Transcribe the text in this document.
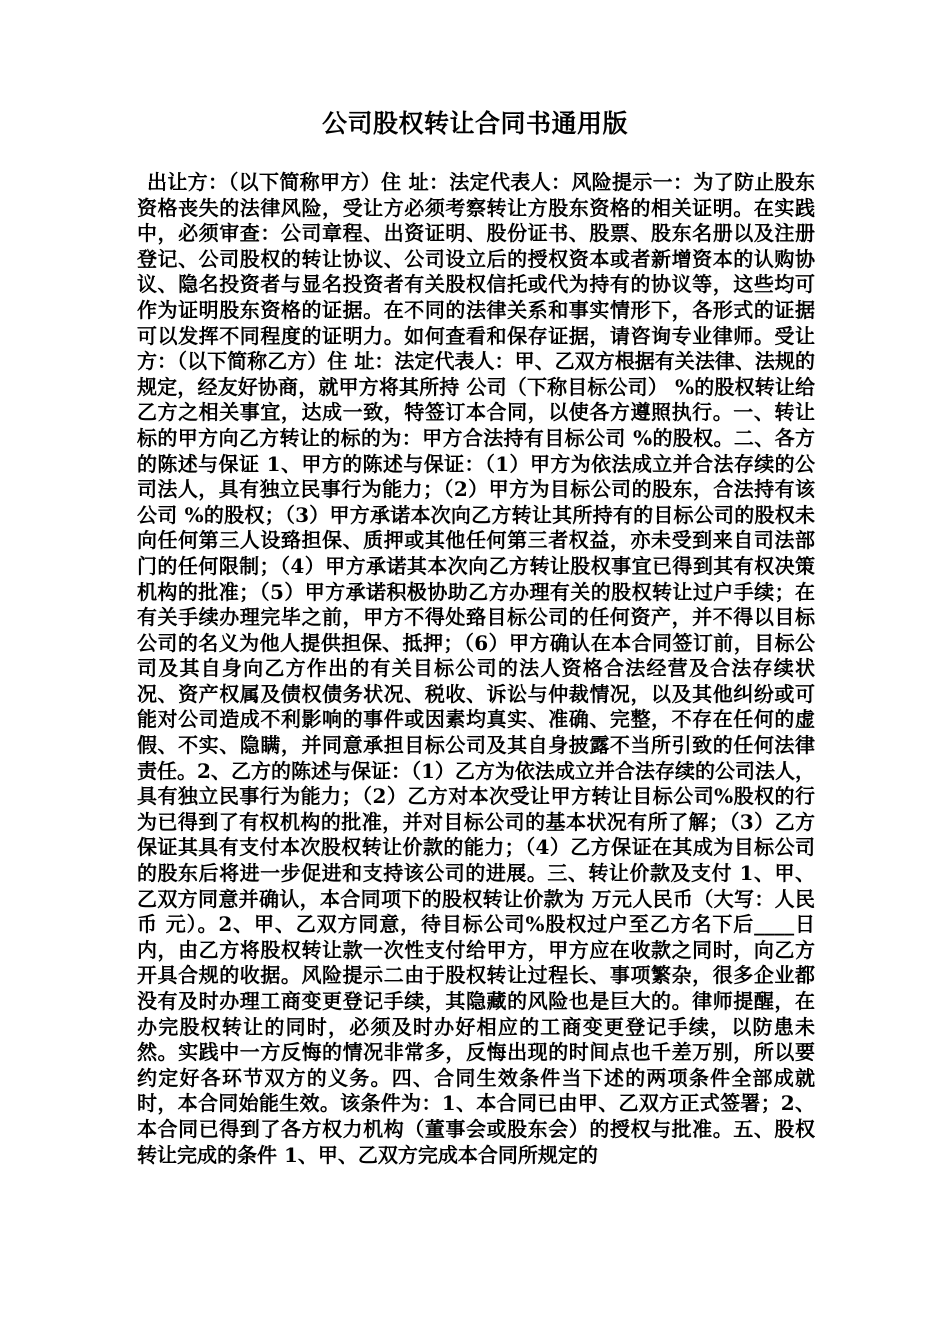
公司股权转让合同书通用版

出让方：（以下简称甲方）住 址：法定代表人：风险提示一：为了防止股东资格丧失的法律风险，受让方必须考察转让方股东资格的相关证明。在实践中，必须审查：公司章程、出资证明、股份证书、股票、股东名册以及注册登记、公司股权的转让协议、公司设立后的授权资本或者新增资本的认购协议、隐名投资者与显名投资者有关股权信托或代为持有的协议等，这些均可作为证明股东资格的证据。在不同的法律关系和事实情形下，各形式的证据可以发挥不同程度的证明力。如何查看和保存证据，请咨询专业律师。受让方：（以下简称乙方）住 址：法定代表人：甲、乙双方根据有关法律、法规的规定，经友好协商，就甲方将其所持 公司（下称目标公司） %的股权转让给乙方之相关事宜，达成一致，特签订本合同，以使各方遵照执行。一、转让标的甲方向乙方转让的标的为：甲方合法持有目标公司 %的股权。二、各方的陈述与保证 1、甲方的陈述与保证：（1）甲方为依法成立并合法存续的公司法人，具有独立民事行为能力；（2）甲方为目标公司的股东，合法持有该公司 %的股权；（3）甲方承诺本次向乙方转让其所持有的目标公司的股权未向任何第三人设臵担保、质押或其他任何第三者权益，亦未受到来自司法部门的任何限制；（4）甲方承诺其本次向乙方转让股权事宜已得到其有权决策机构的批准；（5）甲方承诺积极协助乙方办理有关的股权转让过户手续；在有关手续办理完毕之前，甲方不得处臵目标公司的任何资产，并不得以目标公司的名义为他人提供担保、抵押；（6）甲方确认在本合同签订前，目标公司及其自身向乙方作出的有关目标公司的法人资格合法经营及合法存续状况、资产权属及债权债务状况、税收、诉讼与仲裁情况，以及其他纠纷或可能对公司造成不利影响的事件或因素均真实、准确、完整，不存在任何的虚假、不实、隐瞒，并同意承担目标公司及其自身披露不当所引致的任何法律责任。2、乙方的陈述与保证：（1）乙方为依法成立并合法存续的公司法人，具有独立民事行为能力；（2）乙方对本次受让甲方转让目标公司%股权的行为已得到了有权机构的批准，并对目标公司的基本状况有所了解；（3）乙方保证其具有支付本次股权转让价款的能力；（4）乙方保证在其成为目标公司的股东后将进一步促进和支持该公司的进展。三、转让价款及支付 1、甲、乙双方同意并确认，本合同项下的股权转让价款为 万元人民币（大写：人民币 元）。2、甲、乙双方同意，待目标公司%股权过户至乙方名下后____日内，由乙方将股权转让款一次性支付给甲方，甲方应在收款之同时，向乙方开具合规的收据。风险提示二由于股权转让过程长、事项繁杂，很多企业都没有及时办理工商变更登记手续，其隐藏的风险也是巨大的。律师提醒，在办完股权转让的同时，必须及时办好相应的工商变更登记手续，以防患未然。实践中一方反悔的情况非常多，反悔出现的时间点也千差万别，所以要约定好各环节双方的义务。四、合同生效条件当下述的两项条件全部成就时，本合同始能生效。该条件为：1、本合同已由甲、乙双方正式签署；2、本合同已得到了各方权力机构（董事会或股东会）的授权与批准。五、股权转让完成的条件 1、甲、乙双方完成本合同所规定的
